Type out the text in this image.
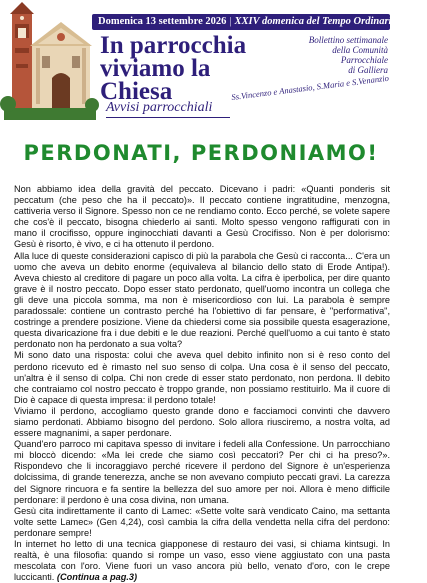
Domenica 13 settembre 2026 | XXIV domenica del Tempo Ordinario | N°42
In parrocchia
viviamo la
Chiesa
Bollettino settimanale
della Comunità
Parrocchiale
di Galliera
Avvisi parrocchiali
Ss.Vincenzo e Anastasio, S.Maria e S.Venanzio
PERDONATI, PERDONIAMO!

Non abbiamo idea della gravità del peccato. Dicevano i padri: «Quanti ponderis sit peccatum (che peso che ha il peccato)». Il peccato contiene ingratitudine, menzogna, cattiveria verso il Signore. Spesso non ce ne rendiamo conto. Ecco perché, se volete sapere che cos'è il peccato, bisogna chiederlo ai santi. Molto spesso vengono raffigurati con in mano il crocifisso, oppure inginocchiati davanti a Gesù Crocifisso. Non è per dolorismo: Gesù è risorto, è vivo, e ci ha ottenuto il perdono.

Alla luce di queste considerazioni capisco di più la parabola che Gesù ci racconta... C'era un uomo che aveva un debito enorme (equivaleva al bilancio dello stato di Erode Antipa!). Aveva chiesto al creditore di pagare un poco alla volta. La cifra è iperbolica, per dire quanto grave è il nostro peccato. Dopo esser stato perdonato, quell'uomo incontra un collega che gli deve una piccola somma, ma non è misericordioso con lui. La parabola è sempre paradossale: contiene un contrasto perché ha l'obiettivo di far pensare, è "performativa", costringe a prendere posizione. Viene da chiedersi come sia possibile questa esagerazione, questa divaricazione fra i due debiti e le due reazioni. Perché quell'uomo a cui tanto è stato perdonato non ha perdonato a sua volta?

Mi sono dato una risposta: colui che aveva quel debito infinito non si è reso conto del perdono ricevuto ed è rimasto nel suo senso di colpa. Una cosa è il senso del peccato, un'altra è il senso di colpa. Chi non crede di esser stato perdonato, non perdona. Il debito che contraiamo col nostro peccato è troppo grande, non possiamo restituirlo. Ma il cuore di Dio è capace di questa impresa: il perdono totale!

Viviamo il perdono, accogliamo questo grande dono e facciamoci convinti che davvero siamo perdonati. Abbiamo bisogno del perdono. Solo allora riusciremo, a nostra volta, ad essere magnanimi, a saper perdonare.

Quand'ero parroco mi capitava spesso di invitare i fedeli alla Confessione. Un parrocchiano mi bloccò dicendo: «Ma lei crede che siamo così peccatori? Per chi ci ha preso?». Rispondevo che li incoraggiavo perché ricevere il perdono del Signore è un'esperienza dolcissima, di grande tenerezza, anche se non avevano compiuto peccati gravi. La carezza del Signore rincuora e fa sentire la bellezza del suo amore per noi. Allora è meno difficile perdonare: il perdono è una cosa divina, non umana.

Gesù cita indirettamente il canto di Lamec: «Sette volte sarà vendicato Caino, ma settanta volte sette Lamec» (Gen 4,24), così cambia la cifra della vendetta nella cifra del perdono: perdonare sempre!

In internet ho letto di una tecnica giapponese di restauro dei vasi, si chiama kintsugi. In realtà, è una filosofia: quando si rompe un vaso, esso viene aggiustato con una pasta mescolata con l'oro. Viene fuori un vaso ancora più bello, venato d'oro, con le crepe luccicanti. (Continua a pag.3)
